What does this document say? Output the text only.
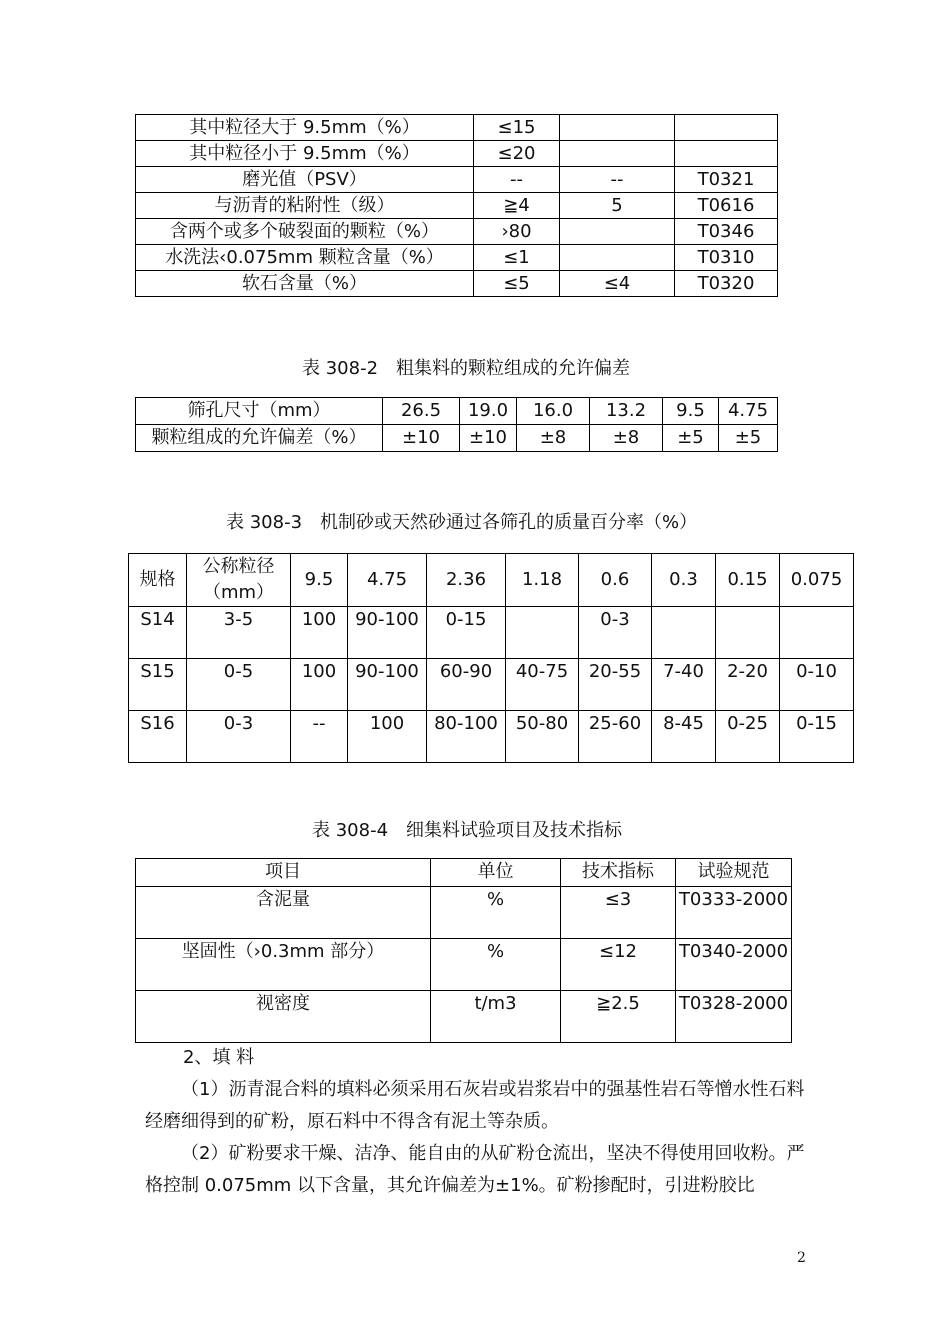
其中粒径大于 9.5mm（%）	≤15		
其中粒径小于 9.5mm（%）	≤20		
磨光值（PSV）	--	--	T0321
与沥青的粘附性（级）	≧4	5	T0616
含两个或多个破裂面的颗粒（%）	›80		T0346
水洗法‹0.075mm 颗粒含量（%）	≤1		T0310
软石含量（%）	≤5	≤4	T0320
表 308-2　粗集料的颗粒组成的允许偏差
筛孔尺寸（mm）	26.5	19.0	16.0	13.2	9.5	4.75
颗粒组成的允许偏差（%）	±10	±10	±8	±8	±5	±5
表 308-3　机制砂或天然砂通过各筛孔的质量百分率（%）
规格	公称粒径（mm）	9.5	4.75	2.36	1.18	0.6	0.3	0.15	0.075
S14	3-5	100	90-100	0-15		0-3			
S15	0-5	100	90-100	60-90	40-75	20-55	7-40	2-20	0-10
S16	0-3	--	100	80-100	50-80	25-60	8-45	0-25	0-15
表 308-4　细集料试验项目及技术指标
项目	单位	技术指标	试验规范
含泥量	%	≤3	T0333-2000
坚固性（›0.3mm 部分）	%	≤12	T0340-2000
视密度	t/m3	≧2.5	T0328-2000
2、填 料
（1）沥青混合料的填料必须采用石灰岩或岩浆岩中的强基性岩石等憎水性石料经磨细得到的矿粉，原石料中不得含有泥土等杂质。
（2）矿粉要求干燥、洁净、能自由的从矿粉仓流出，坚决不得使用回收粉。严格控制 0.075mm 以下含量，其允许偏差为±1%。矿粉掺配时，引进粉胶比
2
